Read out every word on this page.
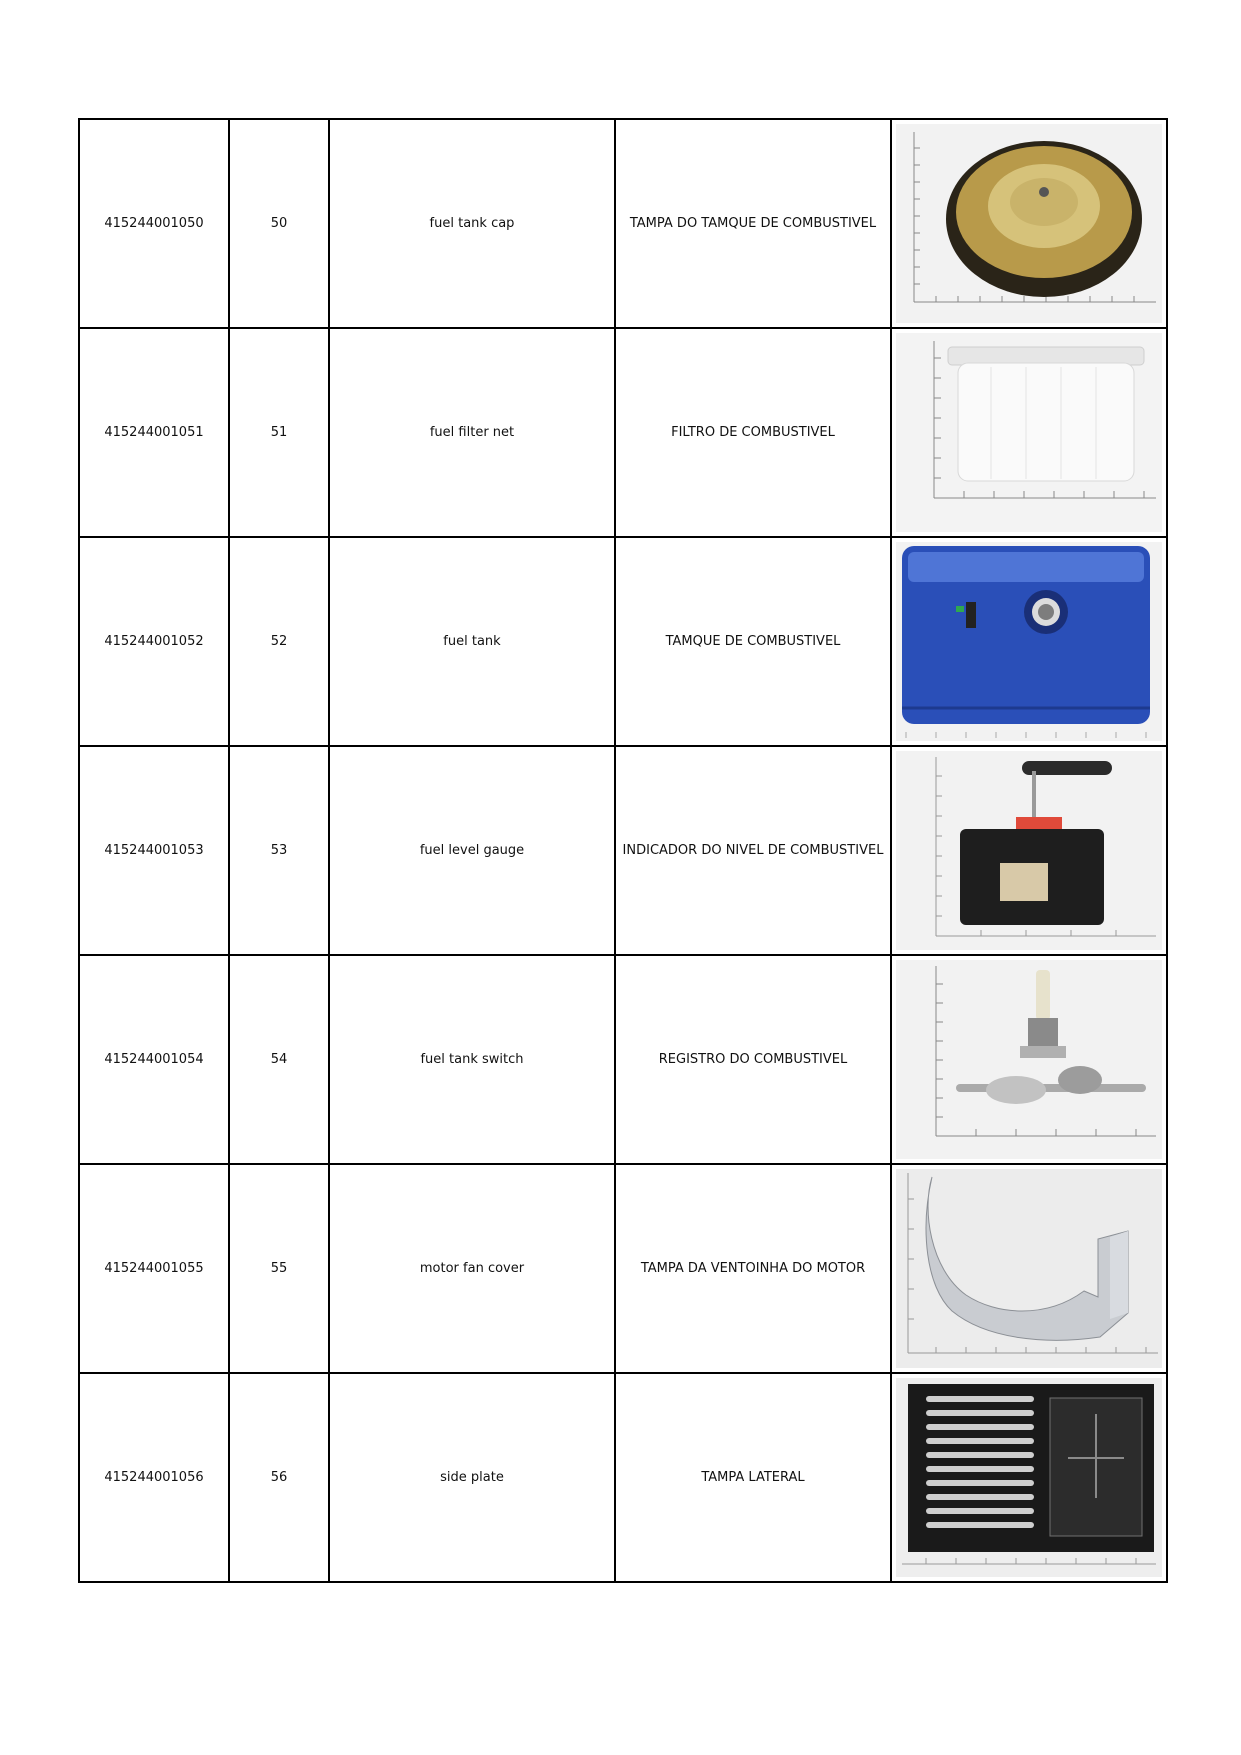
415244001050	50	fuel tank cap	TAMPA DO TAMQUE DE COMBUSTIVEL	

415244001051	51	fuel filter net	FILTRO DE COMBUSTIVEL	

415244001052	52	fuel tank	TAMQUE DE COMBUSTIVEL	

415244001053	53	fuel level gauge	INDICADOR DO NIVEL DE COMBUSTIVEL	

415244001054	54	fuel tank switch	REGISTRO DO COMBUSTIVEL	

415244001055	55	motor fan cover	TAMPA DA VENTOINHA DO MOTOR	

415244001056	56	side plate	TAMPA LATERAL	
